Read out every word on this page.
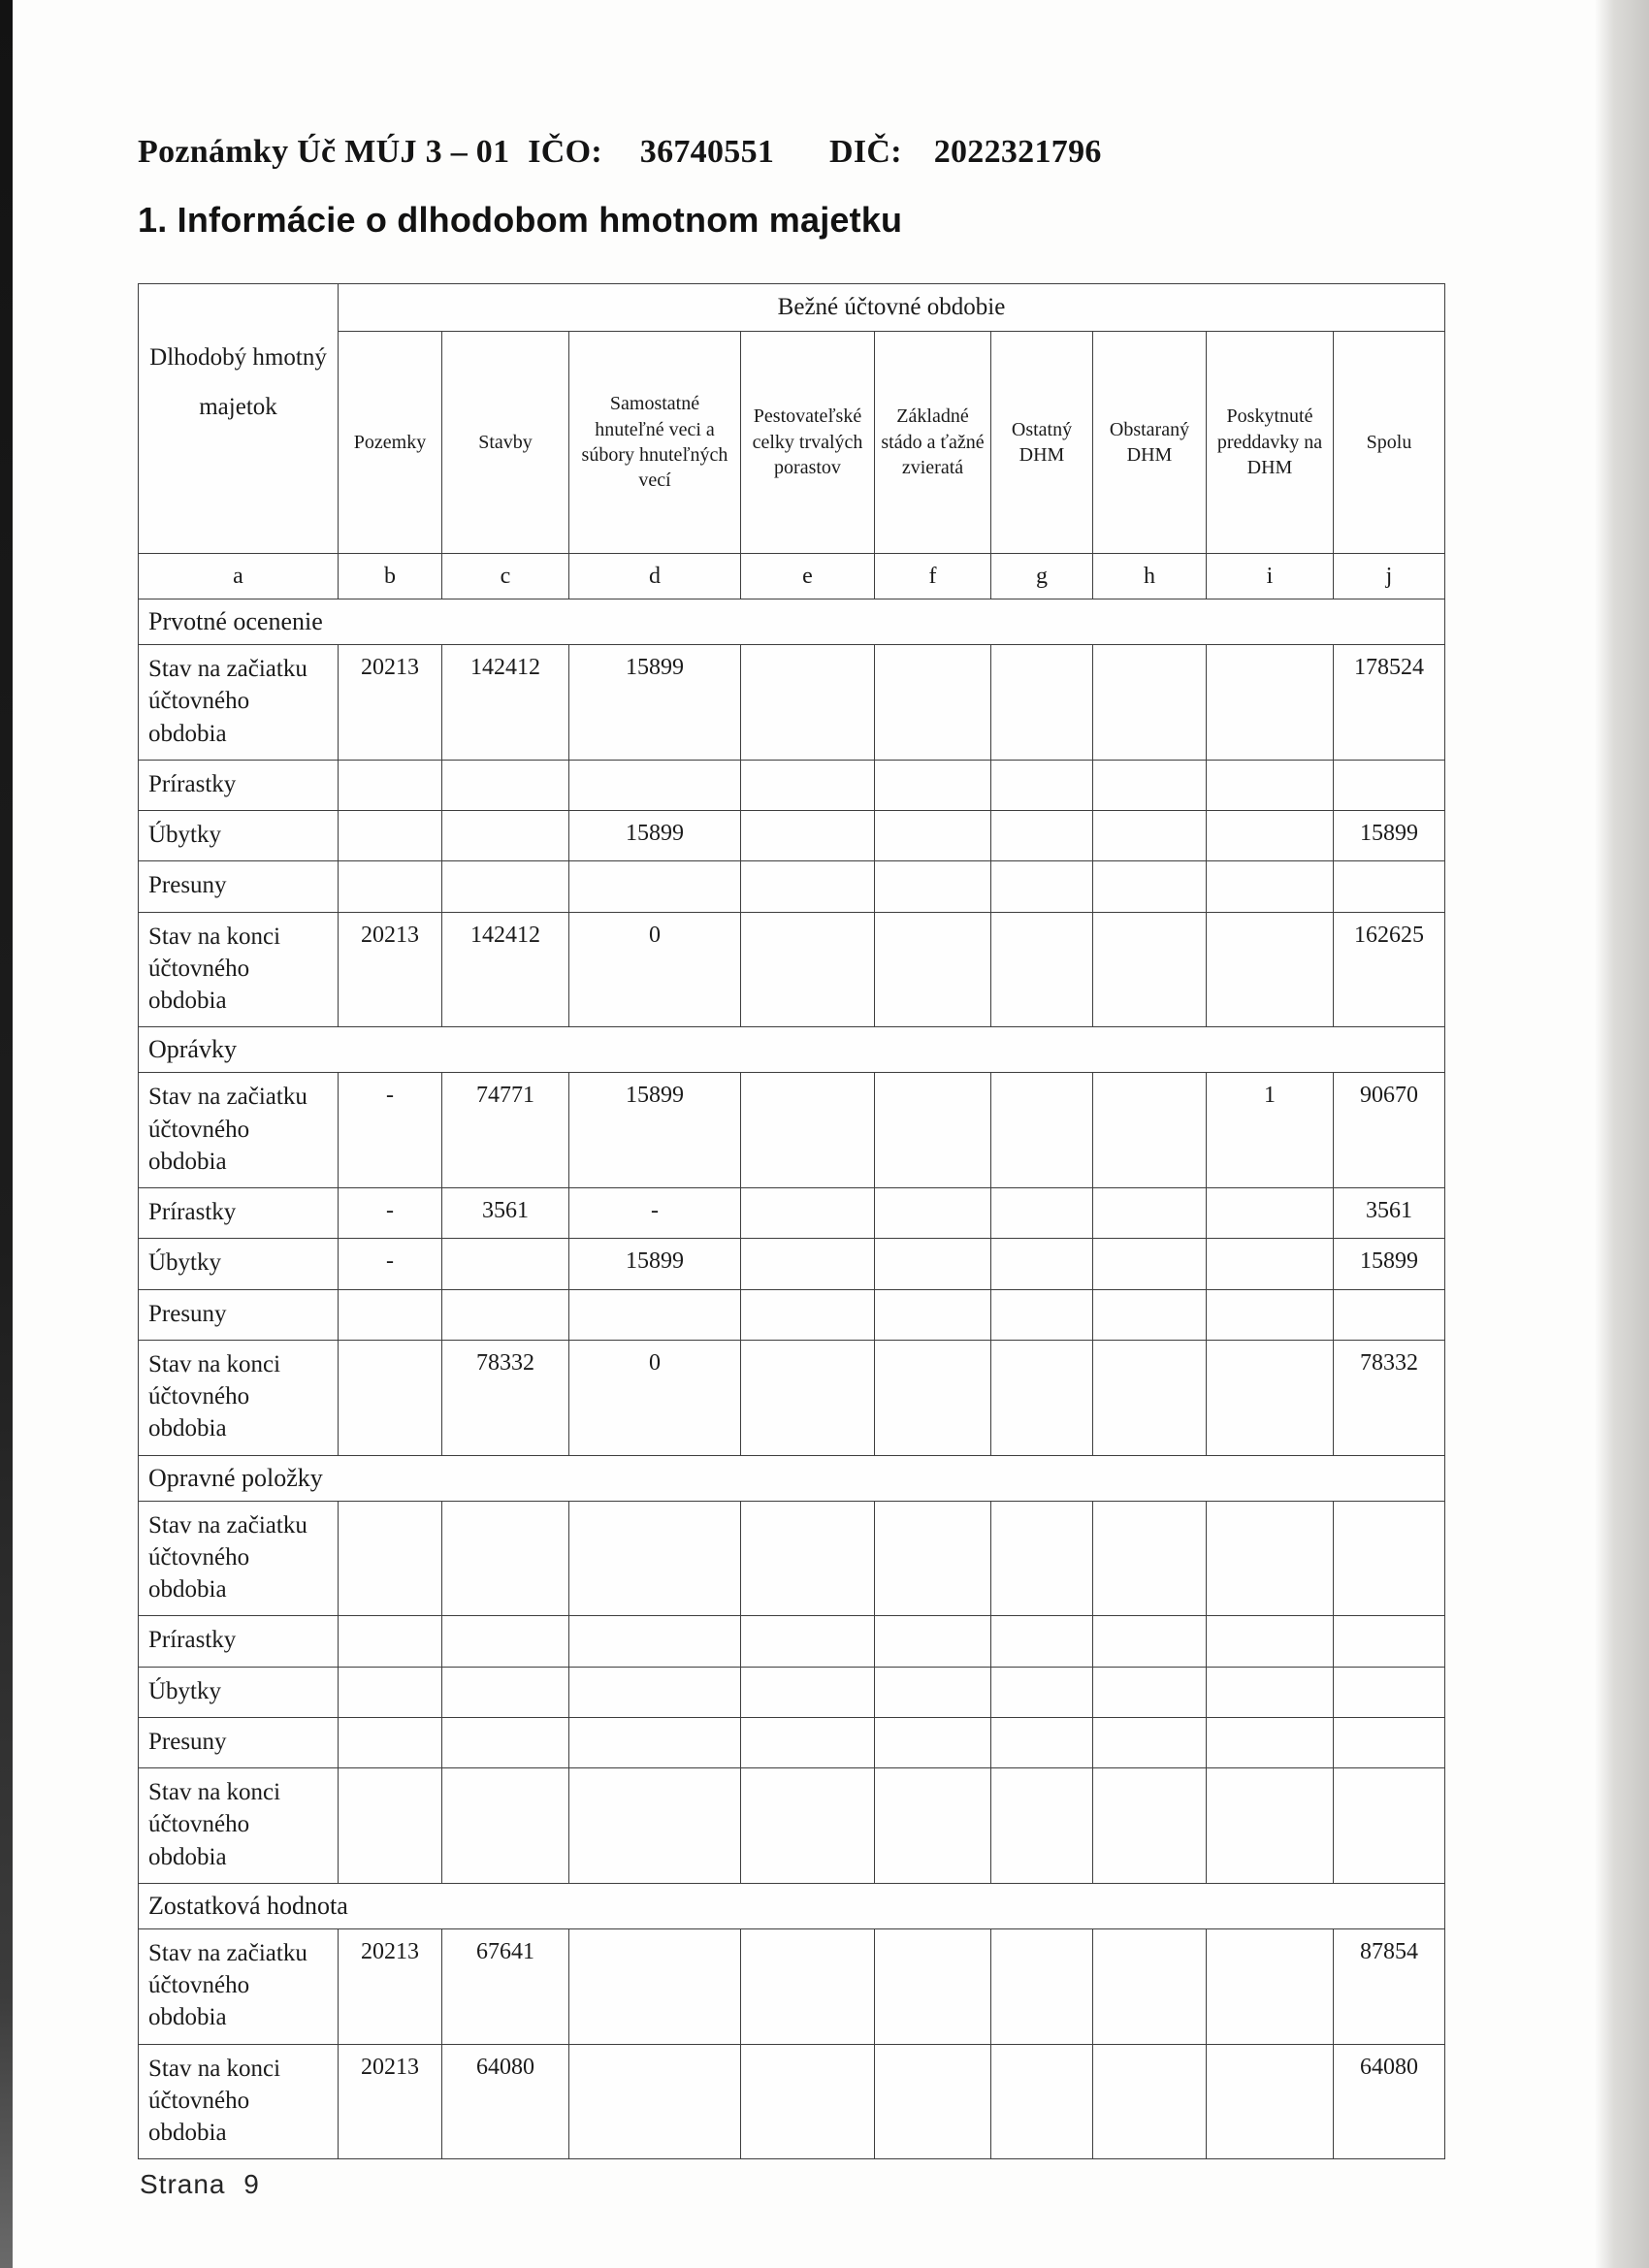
Poznámky Úč MÚJ 3 – 01 IČO: 36740551 DIČ: 2022321796
1. Informácie o dlhodobom hmotnom majetku
Dlhodobý hmotný majetok	Bežné účtovné obdobie								
	Pozemky	Stavby	Samostatné hnuteľné veci a súbory hnuteľných vecí	Pestovateľské celky trvalých porastov	Základné stádo a ťažné zvieratá	Ostatný DHM	Obstaraný DHM	Poskytnuté preddavky na DHM	Spolu
a	b	c	d	e	f	g	h	i	j
Prvotné ocenenie									
Stav na začiatku účtovného obdobia	20213	142412	15899						178524
Prírastky									
Úbytky			15899						15899
Presuny									
Stav na konci účtovného obdobia	20213	142412	0						162625
Oprávky									
Stav na začiatku účtovného obdobia	-	74771	15899					1	90670
Prírastky	-	3561	-						3561
Úbytky	-		15899						15899
Presuny									
Stav na konci účtovného obdobia		78332	0						78332
Opravné položky									
Stav na začiatku účtovného obdobia									
Prírastky									
Úbytky									
Presuny									
Stav na konci účtovného obdobia									
Zostatková hodnota									
Stav na začiatku účtovného obdobia	20213	67641							87854
Stav na konci účtovného obdobia	20213	64080							64080
Strana 9
